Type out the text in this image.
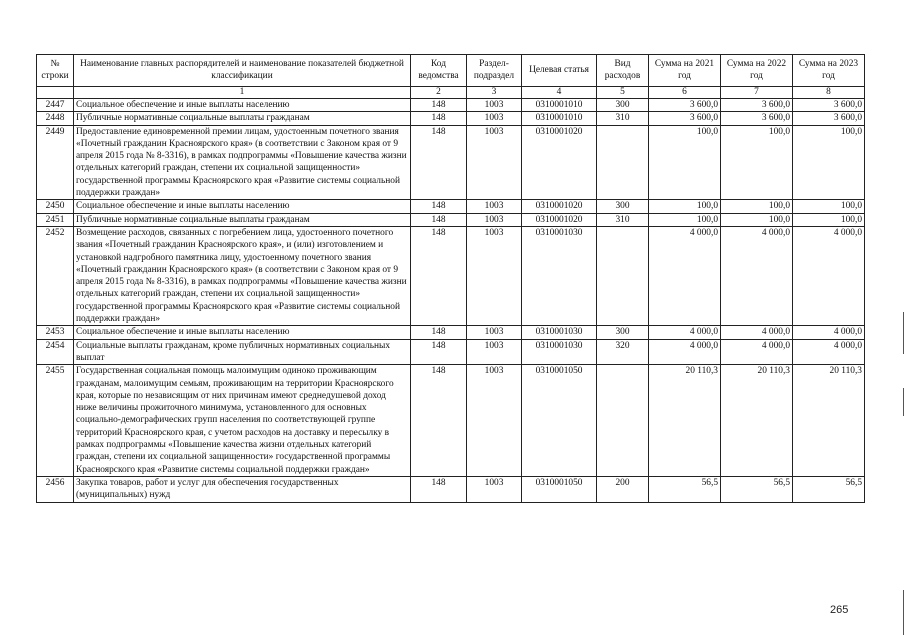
№ строки	Наименование главных распорядителей и наименование показателей бюджетной классификации	Код ведомства	Раздел-подраздел	Целевая статья	Вид расходов	Сумма на 2021 год	Сумма на 2022 год	Сумма на 2023 год
	1	2	3	4	5	6	7	8
2447	Социальное обеспечение и иные выплаты населению	148	1003	0310001010	300	3 600,0	3 600,0	3 600,0
2448	Публичные нормативные социальные выплаты гражданам	148	1003	0310001010	310	3 600,0	3 600,0	3 600,0
2449	Предоставление единовременной премии лицам, удостоенным почетного звания «Почетный гражданин Красноярского края» (в соответствии с Законом края от 9 апреля 2015 года № 8-3316), в рамках подпрограммы «Повышение качества жизни отдельных категорий граждан, степени их социальной защищенности» государственной программы Красноярского края «Развитие системы социальной поддержки граждан»	148	1003	0310001020		100,0	100,0	100,0
2450	Социальное обеспечение и иные выплаты населению	148	1003	0310001020	300	100,0	100,0	100,0
2451	Публичные нормативные социальные выплаты гражданам	148	1003	0310001020	310	100,0	100,0	100,0
2452	Возмещение расходов, связанных с погребением лица, удостоенного почетного звания «Почетный гражданин Красноярского края», и (или) изготовлением и установкой надгробного памятника лицу, удостоенному почетного звания «Почетный гражданин Красноярского края» (в соответствии с Законом края от 9 апреля 2015 года № 8-3316), в рамках подпрограммы «Повышение качества жизни отдельных категорий граждан, степени их социальной защищенности» государственной программы Красноярского края «Развитие системы социальной поддержки граждан»	148	1003	0310001030		4 000,0	4 000,0	4 000,0
2453	Социальное обеспечение и иные выплаты населению	148	1003	0310001030	300	4 000,0	4 000,0	4 000,0
2454	Социальные выплаты гражданам, кроме публичных нормативных социальных выплат	148	1003	0310001030	320	4 000,0	4 000,0	4 000,0
2455	Государственная социальная помощь малоимущим одиноко проживающим гражданам, малоимущим семьям, проживающим на территории Красноярского края, которые по независящим от них причинам имеют среднедушевой доход ниже величины прожиточного минимума, установленного для основных социально-демографических групп населения по соответствующей группе территорий Красноярского края, с учетом расходов на доставку и пересылку в рамках подпрограммы «Повышение качества жизни отдельных категорий граждан, степени их социальной защищенности» государственной программы Красноярского края «Развитие системы социальной поддержки граждан»	148	1003	0310001050		20 110,3	20 110,3	20 110,3
2456	Закупка товаров, работ и услуг для обеспечения государственных (муниципальных) нужд	148	1003	0310001050	200	56,5	56,5	56,5
265
